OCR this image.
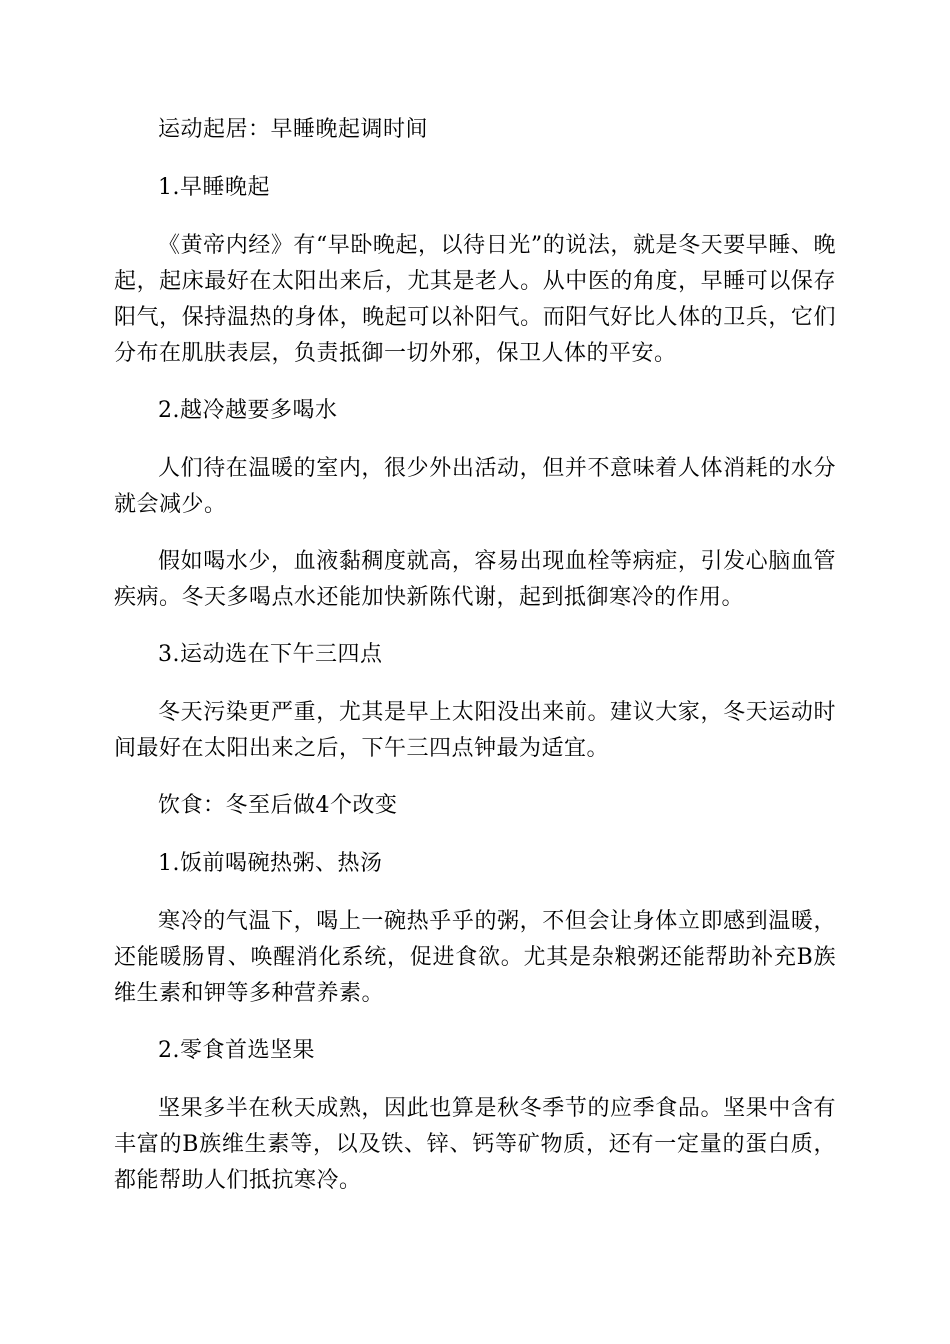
运动起居：早睡晚起调时间

1.早睡晚起

《黄帝内经》有“早卧晚起，以待日光”的说法，就是冬天要早睡、晚起，起床最好在太阳出来后，尤其是老人。从中医的角度，早睡可以保存阳气，保持温热的身体，晚起可以补阳气。而阳气好比人体的卫兵，它们分布在肌肤表层，负责抵御一切外邪，保卫人体的平安。

2.越冷越要多喝水

人们待在温暖的室内，很少外出活动，但并不意味着人体消耗的水分就会减少。

假如喝水少，血液黏稠度就高，容易出现血栓等病症，引发心脑血管疾病。冬天多喝点水还能加快新陈代谢，起到抵御寒冷的作用。

3.运动选在下午三四点

冬天污染更严重，尤其是早上太阳没出来前。建议大家，冬天运动时间最好在太阳出来之后，下午三四点钟最为适宜。

饮食：冬至后做4个改变

1.饭前喝碗热粥、热汤

寒冷的气温下，喝上一碗热乎乎的粥，不但会让身体立即感到温暖，还能暖肠胃、唤醒消化系统，促进食欲。尤其是杂粮粥还能帮助补充B族维生素和钾等多种营养素。

2.零食首选坚果

坚果多半在秋天成熟，因此也算是秋冬季节的应季食品。坚果中含有丰富的B族维生素等，以及铁、锌、钙等矿物质，还有一定量的蛋白质，都能帮助人们抵抗寒冷。
